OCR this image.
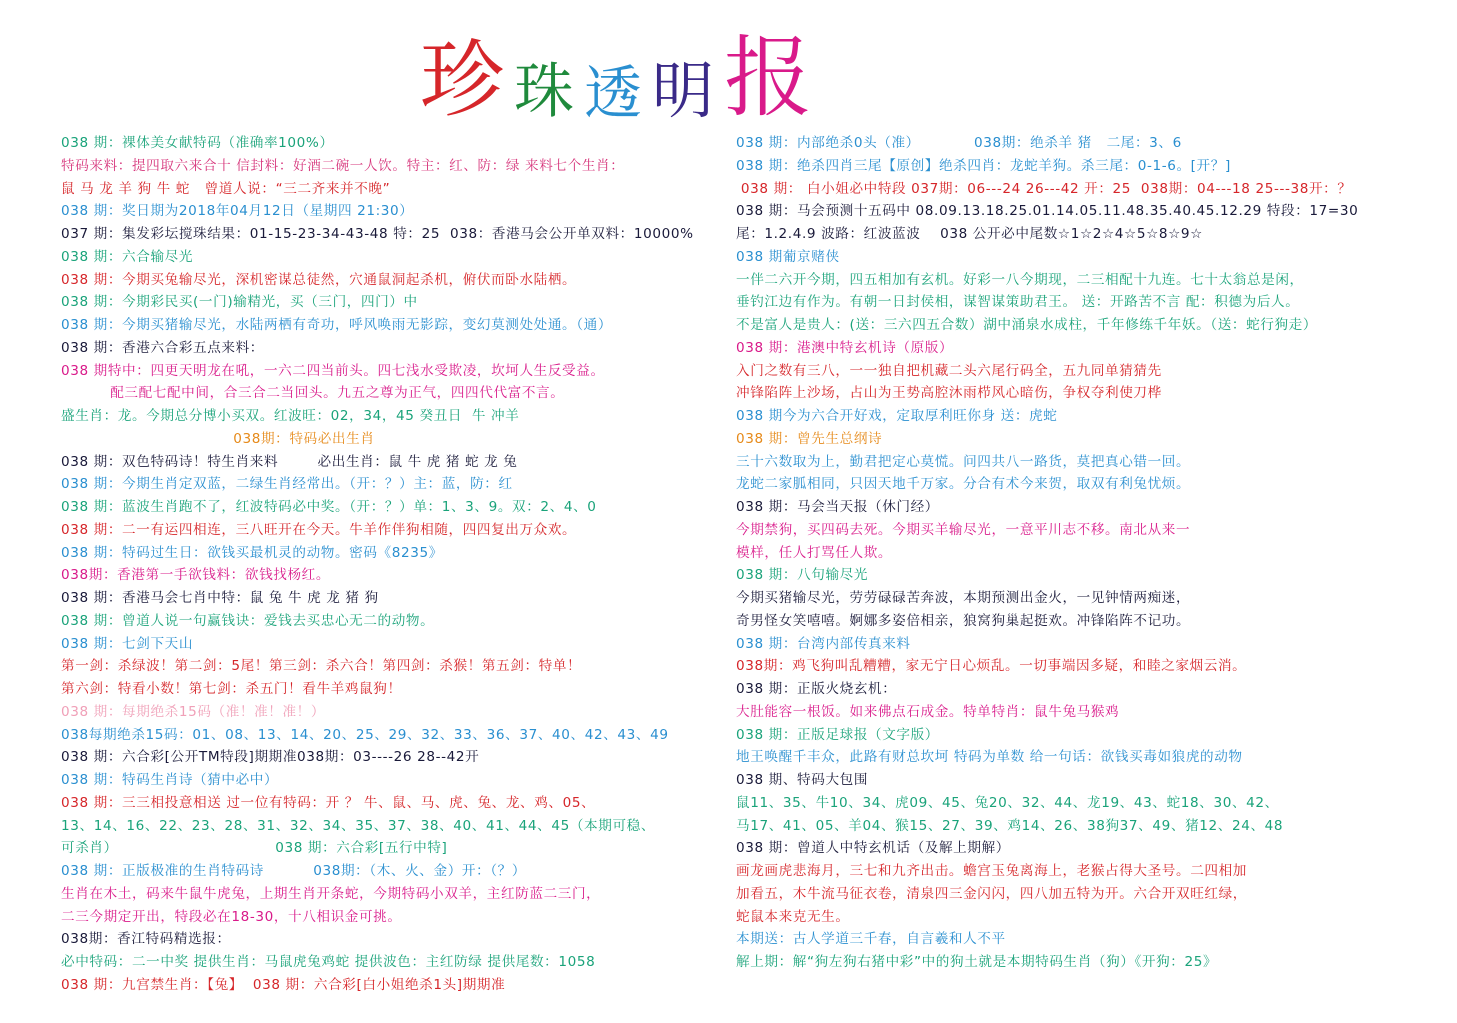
珍 珠 透 明 报
038 期：裸体美女献特码（准确率100%）
特码来料：提四取六来合十 信封料：好酒二碗一人饮。特主：红、防：绿 来料七个生肖：
鼠 马 龙 羊 狗 牛 蛇   曾道人说：“三二齐来并不晚”
038 期：奖日期为2018年04月12日（星期四 21:30）
037 期：集发彩坛搅珠结果：01-15-23-34-43-48 特：25  038：香港马会公开单双料：10000%
038 期：六合输尽光
038 期：今期买兔输尽光，深机密谋总徒然，穴通鼠洞起杀机，俯伏而卧水陆栖。
038 期：今期彩民买(一门)输精光，买（三门，四门）中
038 期：今期买猪输尽光，水陆两栖有奇功，呼风唤雨无影踪，变幻莫测处处通。（通）
038 期：香港六合彩五点来料：
038 期特中：四更天明龙在吼，一六二四当前头。四七浅水受欺凌，坎坷人生反受益。
配三配七配中间，合三合二当回头。九五之尊为正气，四四代代富不言。
盛生肖：龙。今期总分博小买双。红波旺：02，34，45 癸丑日  牛 冲羊
038期：特码必出生肖
038 期：双色特码诗！特生肖来料        必出生肖：鼠 牛 虎 猪 蛇 龙 兔
038 期：今期生肖定双蓝，二绿生肖经常出。（开：？）主：蓝，防：红
038 期：蓝波生肖跑不了，红波特码必中奖。（开：？）单：1、3、9。双：2、4、0
038 期：二一有运四相连，三八旺开在今天。牛羊作伴狗相随，四四复出万众欢。
038 期：特码过生日：欲钱买最机灵的动物。密码《8235》
038期：香港第一手欲钱料：欲钱找杨红。
038 期：香港马会七肖中特：鼠 兔 牛 虎 龙 猪 狗
038 期：曾道人说一句赢钱诀：爱钱去买忠心无二的动物。
038 期：七剑下天山
第一剑：杀绿波！第二剑：5尾！第三剑：杀六合！第四剑：杀猴！第五剑：特单！
第六剑：特看小数！第七剑：杀五门！看牛羊鸡鼠狗！
038 期：每期绝杀15码（准！准！准！）
038每期绝杀15码：01、08、13、14、20、25、29、32、33、36、37、40、42、43、49
038 期：六合彩[公开TM特段]期期准038期：03----26 28--42开
038 期：特码生肖诗（猜中必中）
038 期：三三相投意相送 过一位有特码：开 ？ 牛、鼠、马、虎、兔、龙、鸡、05、
13、14、16、22、23、28、31、32、34、35、37、38、40、41、44、45（本期可稳、
可杀肖）                                038 期：六合彩[五行中特]
038 期：正版极准的生肖特码诗          038期：（木、火、金）开：（？）
生肖在木土，码来牛鼠牛虎兔，上期生肖开条蛇，今期特码小双羊，主红防蓝二三门，
二三今期定开出，特段必在18-30，十八相识金可挑。
038期：香江特码精选报：
必中特码：二一中奖 提供生肖：马鼠虎兔鸡蛇 提供波色：主红防绿 提供尾数：1058
038 期：九宫禁生肖：【兔】  038 期：六合彩[白小姐绝杀1头]期期准
038 期：内部绝杀0头（准）           038期：绝杀羊 猪   二尾：3、6
038 期：绝杀四肖三尾【原创】绝杀四肖：龙蛇羊狗。杀三尾：0-1-6。[开？]
038 期： 白小姐必中特段 037期：06---24 26---42 开：25  038期：04---18 25---38开：？
038 期：马会预测十五码中 08.09.13.18.25.01.14.05.11.48.35.40.45.12.29 特段：17=30
尾：1.2.4.9 波路：红波蓝波    038 公开必中尾数☆1☆2☆4☆5☆8☆9☆
038 期葡京赌侠
一伴二六开今期，四五相加有玄机。好彩一八今期现，二三相配十九连。七十太翁总是闲，
垂钓江边有作为。有朝一日封侯相，谋智谋策助君王。 送：开路苦不言 配：积德为后人。
不是富人是贵人：(送：三六四五合数）湖中涌泉水成柱，千年修练千年妖。（送：蛇行狗走）
038 期：港澳中特玄机诗（原版）
入门之数有三八，一一独自把机藏二头六尾行码全，五九同单猜猜先
冲锋陷阵上沙场，占山为王势高腔沐雨栉风心暗伤，争权夺利使刀桦
038 期今为六合开好戏，定取厚利旺你身 送：虎蛇
038 期：曾先生总纲诗
三十六数取为上，勤君把定心莫慌。问四共八一路货，莫把真心错一回。
龙蛇二家胍相同，只因天地千万家。分合有术今来贺，取双有利兔忧烦。
038 期：马会当天报（休门经）
今期禁狗，买四码去死。今期买羊输尽光，一意平川志不移。南北从来一
模样，任人打骂任人欺。
038 期：八句输尽光
今期买猪输尽光，劳劳碌碌苦奔波，本期预测出金火，一见钟情两痴迷，
奇男怪女笑嘻嘻。婀娜多姿倍相亲，狼窝狗巢起挺欢。冲锋陷阵不记功。
038 期：台湾内部传真来料
038期：鸡飞狗叫乱糟糟，家无宁日心烦乱。一切事端因多疑，和睦之家烟云消。
038 期：正版火烧玄机：
大肚能容一根饭。如来佛点石成金。特单特肖：鼠牛兔马猴鸡
038 期：正版足球报（文字版）
地王唤醒千丰众，此路有财总坎坷 特码为单数 给一句话：欲钱买毒如狼虎的动物
038 期、特码大包围
鼠11、35、牛10、34、虎09、45、兔20、32、44、龙19、43、蛇18、30、42、
马17、41、05、羊04、猴15、27、39、鸡14、26、38狗37、49、猪12、24、48
038 期：曾道人中特玄机话（及解上期解）
画龙画虎悲海月，三七和九齐出击。蟾宫玉兔离海上，老猴占得大圣号。二四相加
加看五，木牛流马征衣卷，清泉四三金闪闪，四八加五特为开。六合开双旺红绿，
蛇鼠本来克无生。
本期送：古人学道三千春，自言羲和人不平
解上期：解“狗左狗右猪中彩”中的狗土就是本期特码生肖（狗）《开狗：25》
